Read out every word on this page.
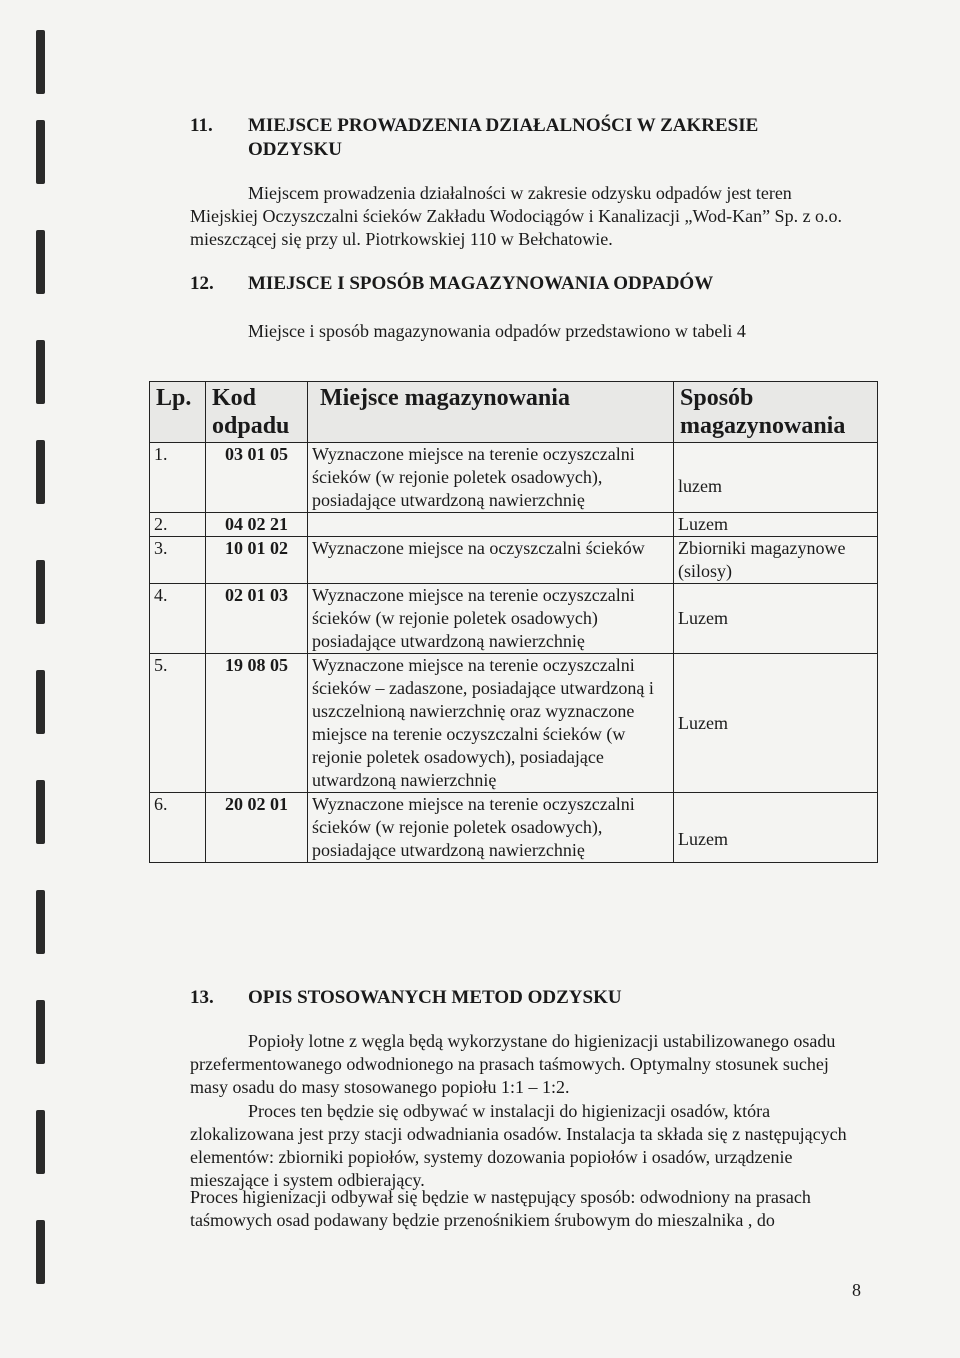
11. MIEJSCE PROWADZENIA DZIAŁALNOŚCI W ZAKRESIE ODZYSKU
Miejscem prowadzenia działalności w zakresie odzysku odpadów jest teren Miejskiej Oczyszczalni ścieków Zakładu Wodociągów i Kanalizacji „Wod-Kan” Sp. z o.o. mieszczącej się przy ul. Piotrkowskiej 110 w Bełchatowie.
12. MIEJSCE I SPOSÓB MAGAZYNOWANIA ODPADÓW
Miejsce i sposób magazynowania odpadów przedstawiono w tabeli 4
Lp.	Kod odpadu	Miejsce magazynowania	Sposób magazynowania
1.	03 01 05	Wyznaczone miejsce na terenie oczyszczalni ścieków (w rejonie poletek osadowych), posiadające utwardzoną nawierzchnię	luzem
2.	04 02 21		Luzem
3.	10 01 02	Wyznaczone miejsce na oczyszczalni ścieków	Zbiorniki magazynowe (silosy)
4.	02 01 03	Wyznaczone miejsce na terenie oczyszczalni ścieków (w rejonie poletek osadowych) posiadające utwardzoną nawierzchnię	Luzem
5.	19 08 05	Wyznaczone miejsce na terenie oczyszczalni ścieków – zadaszone, posiadające utwardzoną i uszczelnioną nawierzchnię oraz wyznaczone miejsce na terenie oczyszczalni ścieków (w rejonie poletek osadowych), posiadające utwardzoną nawierzchnię	Luzem
6.	20 02 01	Wyznaczone miejsce na terenie oczyszczalni ścieków (w rejonie poletek osadowych), posiadające utwardzoną nawierzchnię	Luzem
13. OPIS STOSOWANYCH METOD ODZYSKU
Popioły lotne z węgla będą wykorzystane do higienizacji ustabilizowanego osadu przefermentowanego odwodnionego na prasach taśmowych. Optymalny stosunek suchej masy osadu do masy stosowanego popiołu 1:1 – 1:2.
Proces ten będzie się odbywać w instalacji do higienizacji osadów, która zlokalizowana jest przy stacji odwadniania osadów. Instalacja ta składa się z następujących elementów: zbiorniki popiołów, systemy dozowania popiołów i osadów, urządzenie mieszające i system odbierający.
Proces higienizacji odbywał się będzie w następujący sposób: odwodniony na prasach taśmowych osad podawany będzie przenośnikiem śrubowym do mieszalnika , do
8
